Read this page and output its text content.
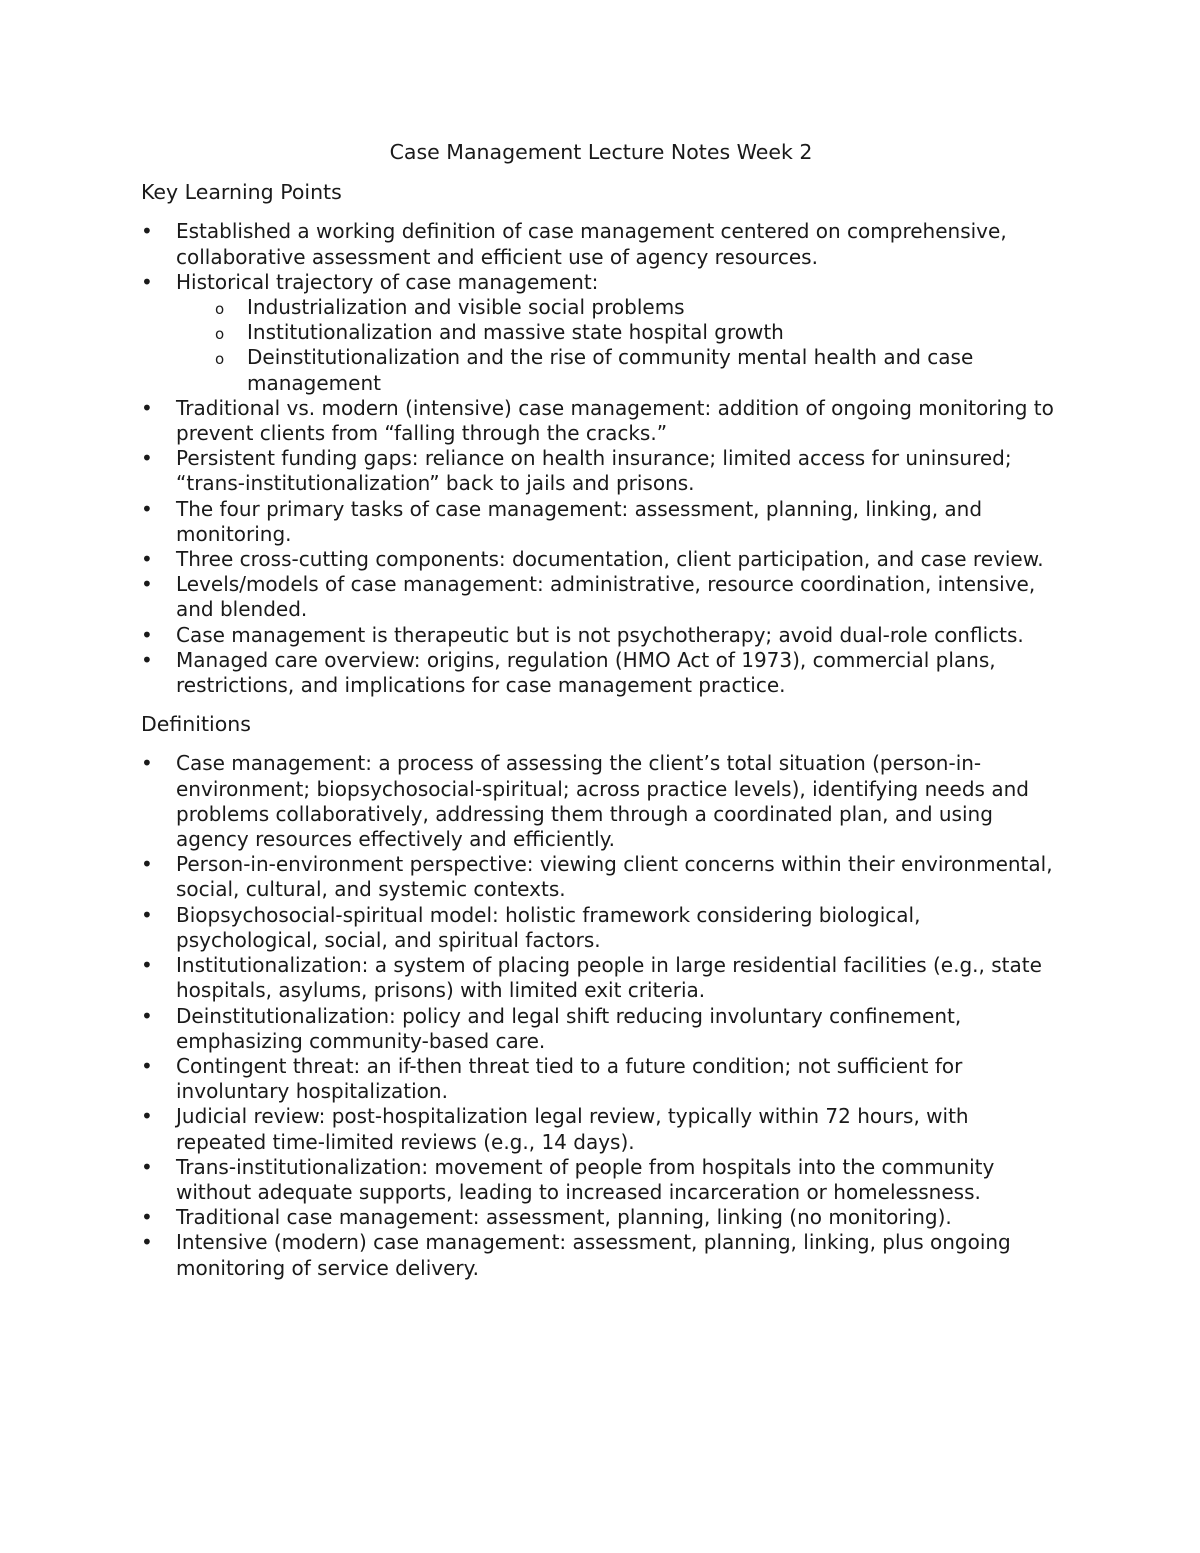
Case Management Lecture Notes Week 2
Key Learning Points
• Established a working definition of case management centered on comprehensive, collaborative assessment and efficient use of agency resources.
• Historical trajectory of case management:
o Industrialization and visible social problems
o Institutionalization and massive state hospital growth
o Deinstitutionalization and the rise of community mental health and case management
• Traditional vs. modern (intensive) case management: addition of ongoing monitoring to prevent clients from “falling through the cracks.”
• Persistent funding gaps: reliance on health insurance; limited access for uninsured; “trans-institutionalization” back to jails and prisons.
• The four primary tasks of case management: assessment, planning, linking, and monitoring.
• Three cross-cutting components: documentation, client participation, and case review.
• Levels/models of case management: administrative, resource coordination, intensive, and blended.
• Case management is therapeutic but is not psychotherapy; avoid dual-role conflicts.
• Managed care overview: origins, regulation (HMO Act of 1973), commercial plans, restrictions, and implications for case management practice.
Definitions
• Case management: a process of assessing the client’s total situation (person-in-environment; biopsychosocial-spiritual; across practice levels), identifying needs and problems collaboratively, addressing them through a coordinated plan, and using agency resources effectively and efficiently.
• Person-in-environment perspective: viewing client concerns within their environmental, social, cultural, and systemic contexts.
• Biopsychosocial-spiritual model: holistic framework considering biological, psychological, social, and spiritual factors.
• Institutionalization: a system of placing people in large residential facilities (e.g., state hospitals, asylums, prisons) with limited exit criteria.
• Deinstitutionalization: policy and legal shift reducing involuntary confinement, emphasizing community-based care.
• Contingent threat: an if-then threat tied to a future condition; not sufficient for involuntary hospitalization.
• Judicial review: post-hospitalization legal review, typically within 72 hours, with repeated time-limited reviews (e.g., 14 days).
• Trans-institutionalization: movement of people from hospitals into the community without adequate supports, leading to increased incarceration or homelessness.
• Traditional case management: assessment, planning, linking (no monitoring).
• Intensive (modern) case management: assessment, planning, linking, plus ongoing monitoring of service delivery.
